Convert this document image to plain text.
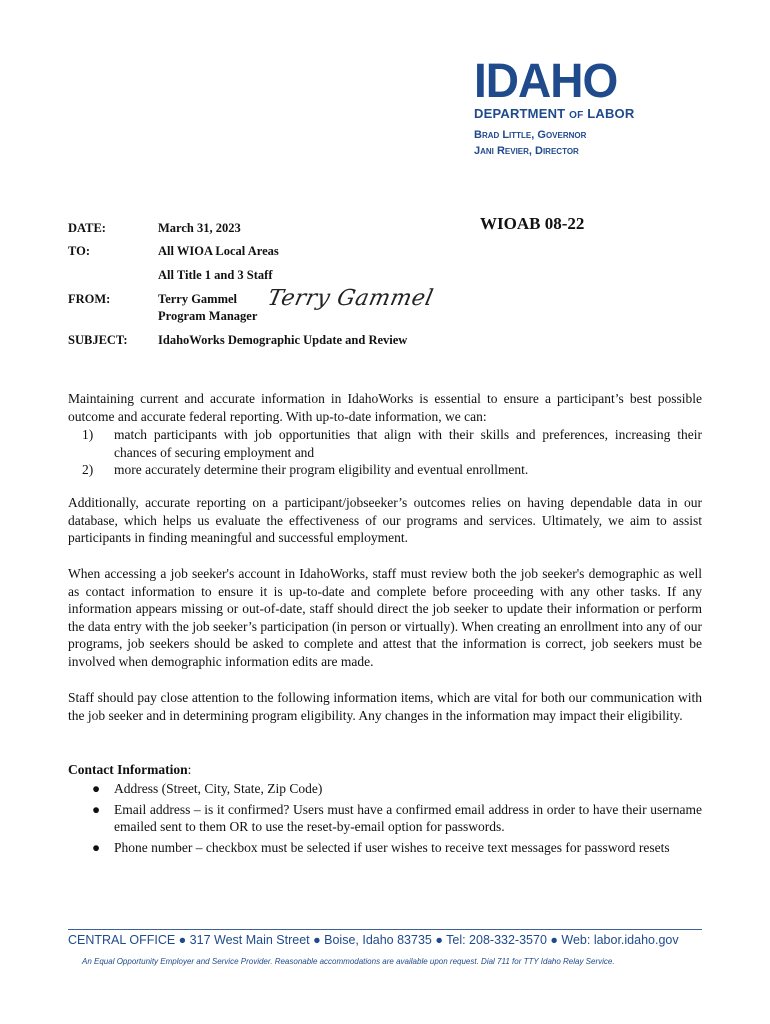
IDAHO
DEPARTMENT OF LABOR
Brad Little, Governor
Jani Revier, Director
WIOAB 08-22
DATE:	March 31, 2023
TO:	All WIOA Local Areas
All Title 1 and 3 Staff
FROM:	Terry Gammel
Program Manager
Terry Gammel
SUBJECT: IdahoWorks Demographic Update and Review
Maintaining current and accurate information in IdahoWorks is essential to ensure a participant’s best possible outcome and accurate federal reporting. With up-to-date information, we can:
1) match participants with job opportunities that align with their skills and preferences, increasing their chances of securing employment and
2) more accurately determine their program eligibility and eventual enrollment.
Additionally, accurate reporting on a participant/jobseeker’s outcomes relies on having dependable data in our database, which helps us evaluate the effectiveness of our programs and services. Ultimately, we aim to assist participants in finding meaningful and successful employment.
When accessing a job seeker's account in IdahoWorks, staff must review both the job seeker's demographic as well as contact information to ensure it is up-to-date and complete before proceeding with any other tasks. If any information appears missing or out-of-date, staff should direct the job seeker to update their information or perform the data entry with the job seeker’s participation (in person or virtually). When creating an enrollment into any of our programs, job seekers should be asked to complete and attest that the information is correct, job seekers must be involved when demographic information edits are made.
Staff should pay close attention to the following information items, which are vital for both our communication with the job seeker and in determining program eligibility. Any changes in the information may impact their eligibility.
Contact Information:
● Address (Street, City, State, Zip Code)
● Email address – is it confirmed? Users must have a confirmed email address in order to have their username emailed sent to them OR to use the reset-by-email option for passwords.
● Phone number – checkbox must be selected if user wishes to receive text messages for password resets
CENTRAL OFFICE ● 317 West Main Street ● Boise, Idaho 83735 ● Tel: 208-332-3570 ● Web: labor.idaho.gov
An Equal Opportunity Employer and Service Provider. Reasonable accommodations are available upon request. Dial 711 for TTY Idaho Relay Service.
